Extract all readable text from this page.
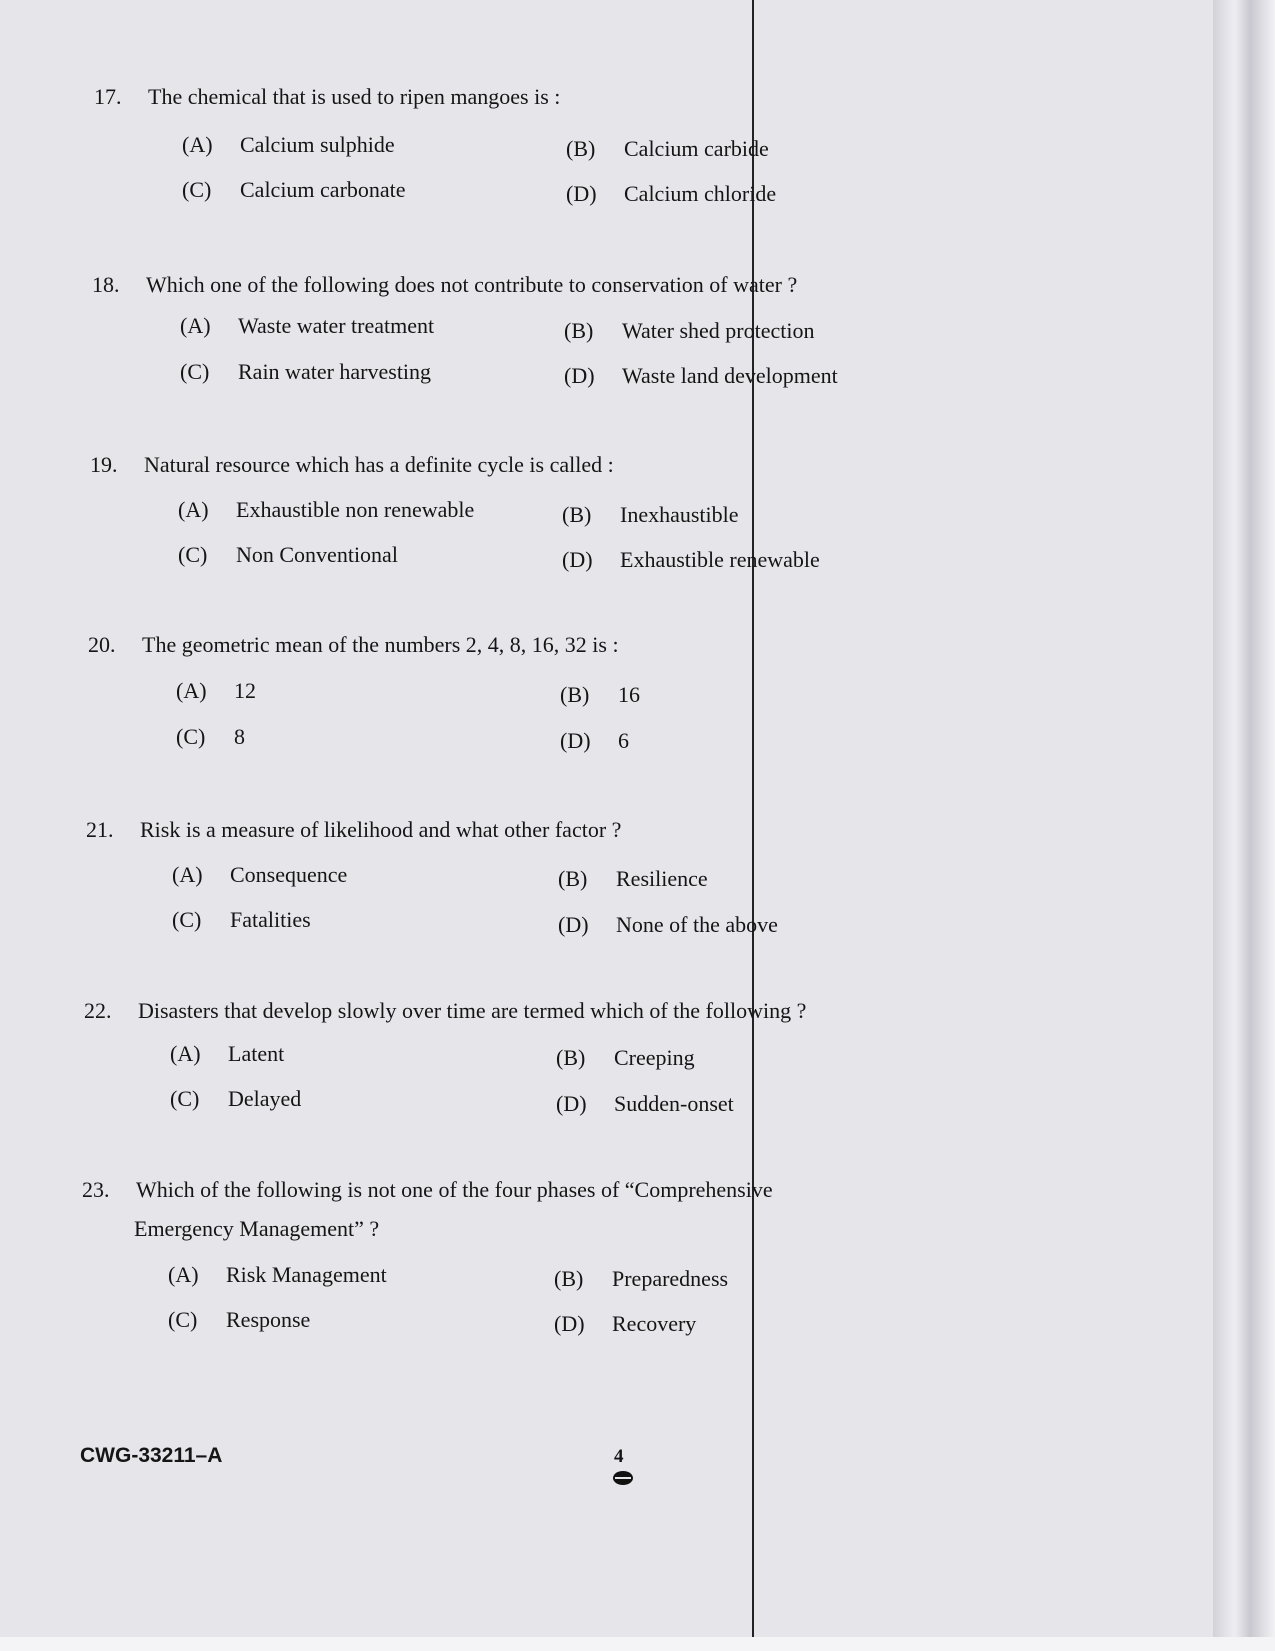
17. The chemical that is used to ripen mangoes is :
(A) Calcium sulphide	(B) Calcium carbide
(C) Calcium carbonate	(D) Calcium chloride
18. Which one of the following does not contribute to conservation of water ?
(A) Waste water treatment	(B) Water shed protection
(C) Rain water harvesting	(D) Waste land development
19. Natural resource which has a definite cycle is called :
(A) Exhaustible non renewable	(B) Inexhaustible
(C) Non Conventional	(D) Exhaustible renewable
20. The geometric mean of the numbers 2, 4, 8, 16, 32 is :
(A) 12	(B) 16
(C) 8	(D) 6
21. Risk is a measure of likelihood and what other factor ?
(A) Consequence	(B) Resilience
(C) Fatalities	(D) None of the above
22. Disasters that develop slowly over time are termed which of the following ?
(A) Latent	(B) Creeping
(C) Delayed	(D) Sudden-onset
23. Which of the following is not one of the four phases of “Comprehensive
Emergency Management” ?
(A) Risk Management	(B) Preparedness
(C) Response	(D) Recovery
CWG-33211–A	4
